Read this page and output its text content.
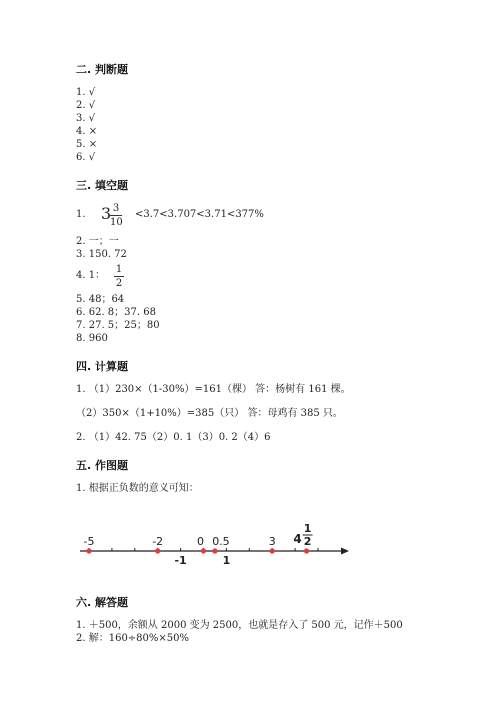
二. 判断题
1. √
2. √
3. √
4. ×
5. ×
6. √
三. 填空题
1. 3 3
10
<3.7<3.707<3.71<377%
2. 一；一
3. 150. 72
4. 1：
1
2
5. 48；64
6. 62. 8；37. 68
7. 27. 5；25；80
8. 960
四. 计算题
1. （1）230×（1-30%）=161（棵） 答：杨树有 161 棵。
（2）350×（1+10%）=385（只） 答：母鸡有 385 只。
2. （1）42. 75（2）0. 1（3）0. 2（4）6
五. 作图题
1. 根据正负数的意义可知：
-5	-2	0 0.5	3 4
1
2
-1	1
六. 解答题
1. ＋500，余额从 2000 变为 2500，也就是存入了 500 元，记作＋500
2. 解：160÷80%×50%
